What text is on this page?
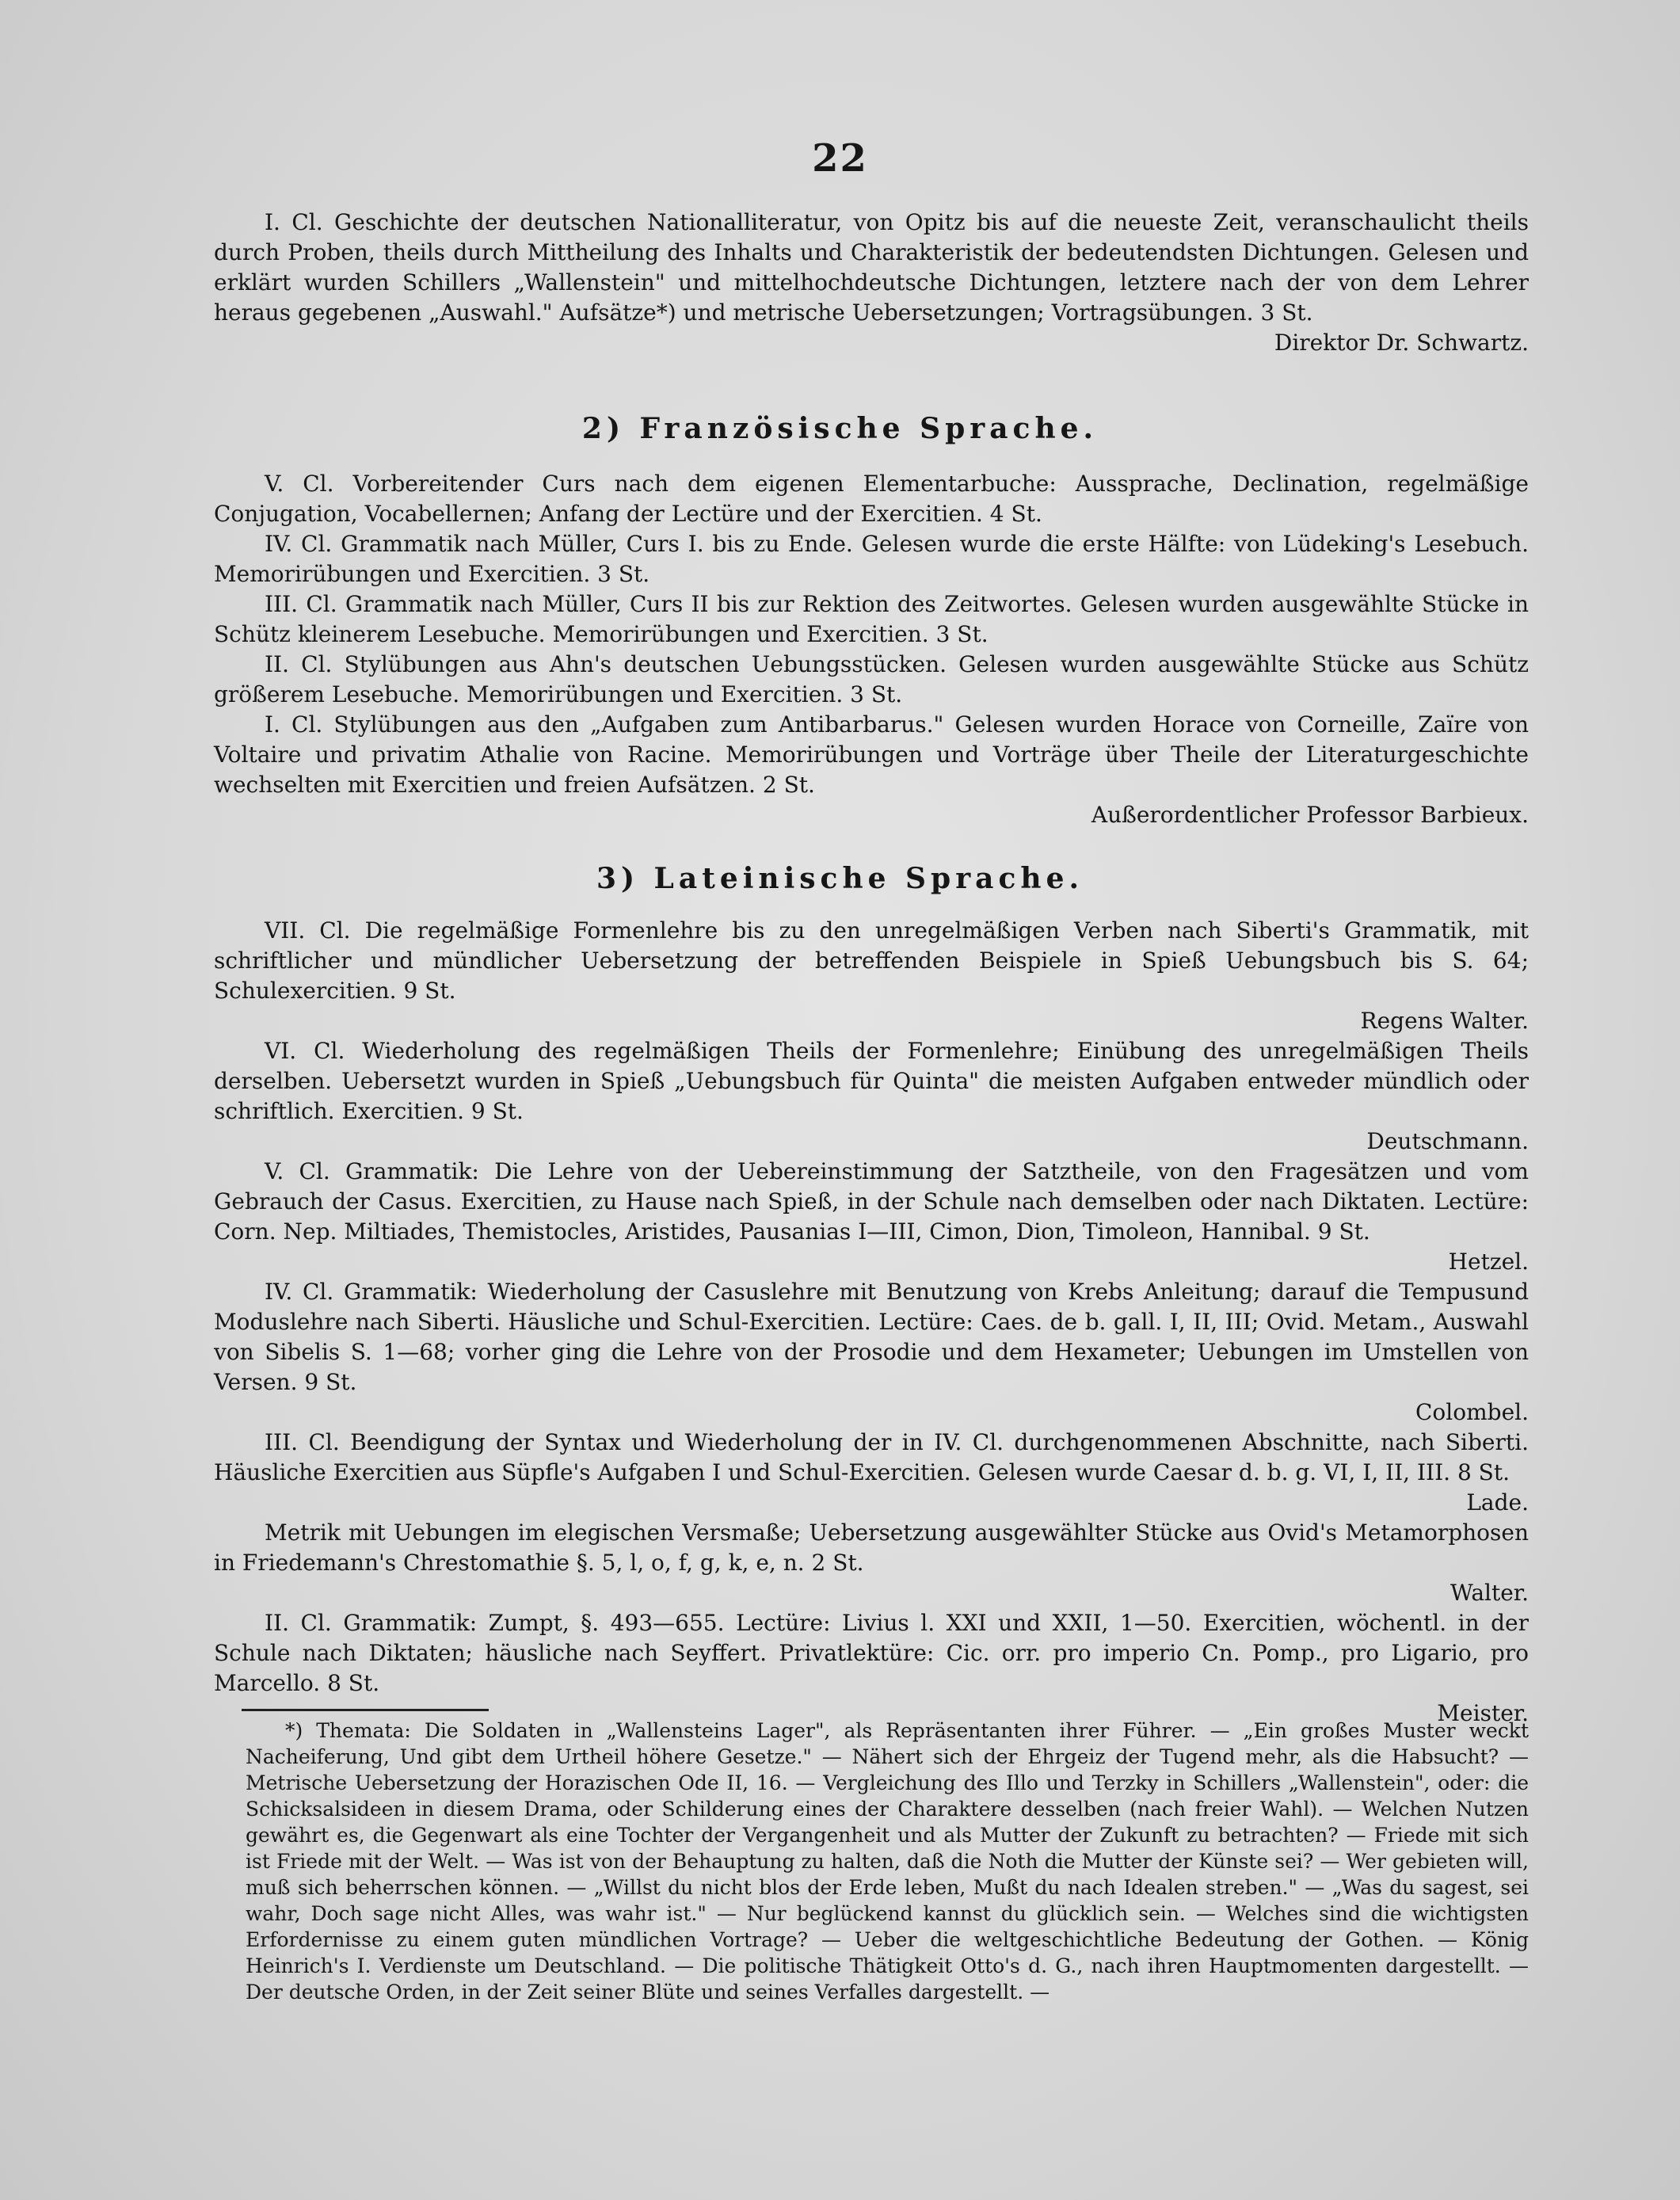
22

I. Cl. Geschichte der deutschen Nationalliteratur, von Opitz bis auf die neueste Zeit, veranschaulicht theils durch Proben, theils durch Mittheilung des Inhalts und Charakteristik der bedeutendsten Dichtungen. Gelesen und erklärt wurden Schillers „Wallenstein" und mittelhochdeutsche Dichtungen, letztere nach der von dem Lehrer heraus gegebenen „Auswahl." Aufsätze*) und metrische Uebersetzungen; Vortragsübungen. 3 St.

Direktor Dr. Schwartz.
2) Französische Sprache.

V. Cl. Vorbereitender Curs nach dem eigenen Elementarbuche: Aussprache, Declination, regelmäßige Conjugation, Vocabellernen; Anfang der Lectüre und der Exercitien. 4 St.

IV. Cl. Grammatik nach Müller, Curs I. bis zu Ende. Gelesen wurde die erste Hälfte: von Lüdeking's Lesebuch. Memorirübungen und Exercitien. 3 St.

III. Cl. Grammatik nach Müller, Curs II bis zur Rektion des Zeitwortes. Gelesen wurden ausgewählte Stücke in Schütz kleinerem Lesebuche. Memorirübungen und Exercitien. 3 St.

II. Cl. Stylübungen aus Ahn's deutschen Uebungsstücken. Gelesen wurden ausgewählte Stücke aus Schütz größerem Lesebuche. Memorirübungen und Exercitien. 3 St.

I. Cl. Stylübungen aus den „Aufgaben zum Antibarbarus." Gelesen wurden Horace von Corneille, Zaïre von Voltaire und privatim Athalie von Racine. Memorirübungen und Vorträge über Theile der Literaturgeschichte wechselten mit Exercitien und freien Aufsätzen. 2 St.

Außerordentlicher Professor Barbieux.
3) Lateinische Sprache.

VII. Cl. Die regelmäßige Formenlehre bis zu den unregelmäßigen Verben nach Siberti's Grammatik, mit schriftlicher und mündlicher Uebersetzung der betreffenden Beispiele in Spieß Uebungsbuch bis S. 64; Schulexercitien. 9 St.

Regens Walter.

VI. Cl. Wiederholung des regelmäßigen Theils der Formenlehre; Einübung des unregelmäßigen Theils derselben. Uebersetzt wurden in Spieß „Uebungsbuch für Quinta" die meisten Aufgaben entweder mündlich oder schriftlich. Exercitien. 9 St.

Deutschmann.

V. Cl. Grammatik: Die Lehre von der Uebereinstimmung der Satztheile, von den Fragesätzen und vom Gebrauch der Casus. Exercitien, zu Hause nach Spieß, in der Schule nach demselben oder nach Diktaten. Lectüre: Corn. Nep. Miltiades, Themistocles, Aristides, Pausanias I—III, Cimon, Dion, Timoleon, Hannibal. 9 St.

Hetzel.

IV. Cl. Grammatik: Wiederholung der Casuslehre mit Benutzung von Krebs Anleitung; darauf die Tempusund Moduslehre nach Siberti. Häusliche und Schul-Exercitien. Lectüre: Caes. de b. gall. I, II, III; Ovid. Metam., Auswahl von Sibelis S. 1—68; vorher ging die Lehre von der Prosodie und dem Hexameter; Uebungen im Umstellen von Versen. 9 St.

Colombel.

III. Cl. Beendigung der Syntax und Wiederholung der in IV. Cl. durchgenommenen Abschnitte, nach Siberti. Häusliche Exercitien aus Süpfle's Aufgaben I und Schul-Exercitien. Gelesen wurde Caesar d. b. g. VI, I, II, III. 8 St.

Lade.

Metrik mit Uebungen im elegischen Versmaße; Uebersetzung ausgewählter Stücke aus Ovid's Metamorphosen in Friedemann's Chrestomathie §. 5, l, o, f, g, k, e, n. 2 St.

Walter.

II. Cl. Grammatik: Zumpt, §. 493—655. Lectüre: Livius l. XXI und XXII, 1—50. Exercitien, wöchentl. in der Schule nach Diktaten; häusliche nach Seyffert. Privatlektüre: Cic. orr. pro imperio Cn. Pomp., pro Ligario, pro Marcello. 8 St.

Meister.
*) Themata: Die Soldaten in „Wallensteins Lager", als Repräsentanten ihrer Führer. — „Ein großes Muster weckt Nacheiferung, Und gibt dem Urtheil höhere Gesetze." — Nähert sich der Ehrgeiz der Tugend mehr, als die Habsucht? — Metrische Uebersetzung der Horazischen Ode II, 16. — Vergleichung des Illo und Terzky in Schillers „Wallenstein", oder: die Schicksalsideen in diesem Drama, oder Schilderung eines der Charaktere desselben (nach freier Wahl). — Welchen Nutzen gewährt es, die Gegenwart als eine Tochter der Vergangenheit und als Mutter der Zukunft zu betrachten? — Friede mit sich ist Friede mit der Welt. — Was ist von der Behauptung zu halten, daß die Noth die Mutter der Künste sei? — Wer gebieten will, muß sich beherrschen können. — „Willst du nicht blos der Erde leben, Mußt du nach Idealen streben." — „Was du sagest, sei wahr, Doch sage nicht Alles, was wahr ist." — Nur beglückend kannst du glücklich sein. — Welches sind die wichtigsten Erfordernisse zu einem guten mündlichen Vortrage? — Ueber die weltgeschichtliche Bedeutung der Gothen. — König Heinrich's I. Verdienste um Deutschland. — Die politische Thätigkeit Otto's d. G., nach ihren Hauptmomenten dargestellt. — Der deutsche Orden, in der Zeit seiner Blüte und seines Verfalles dargestellt. —
